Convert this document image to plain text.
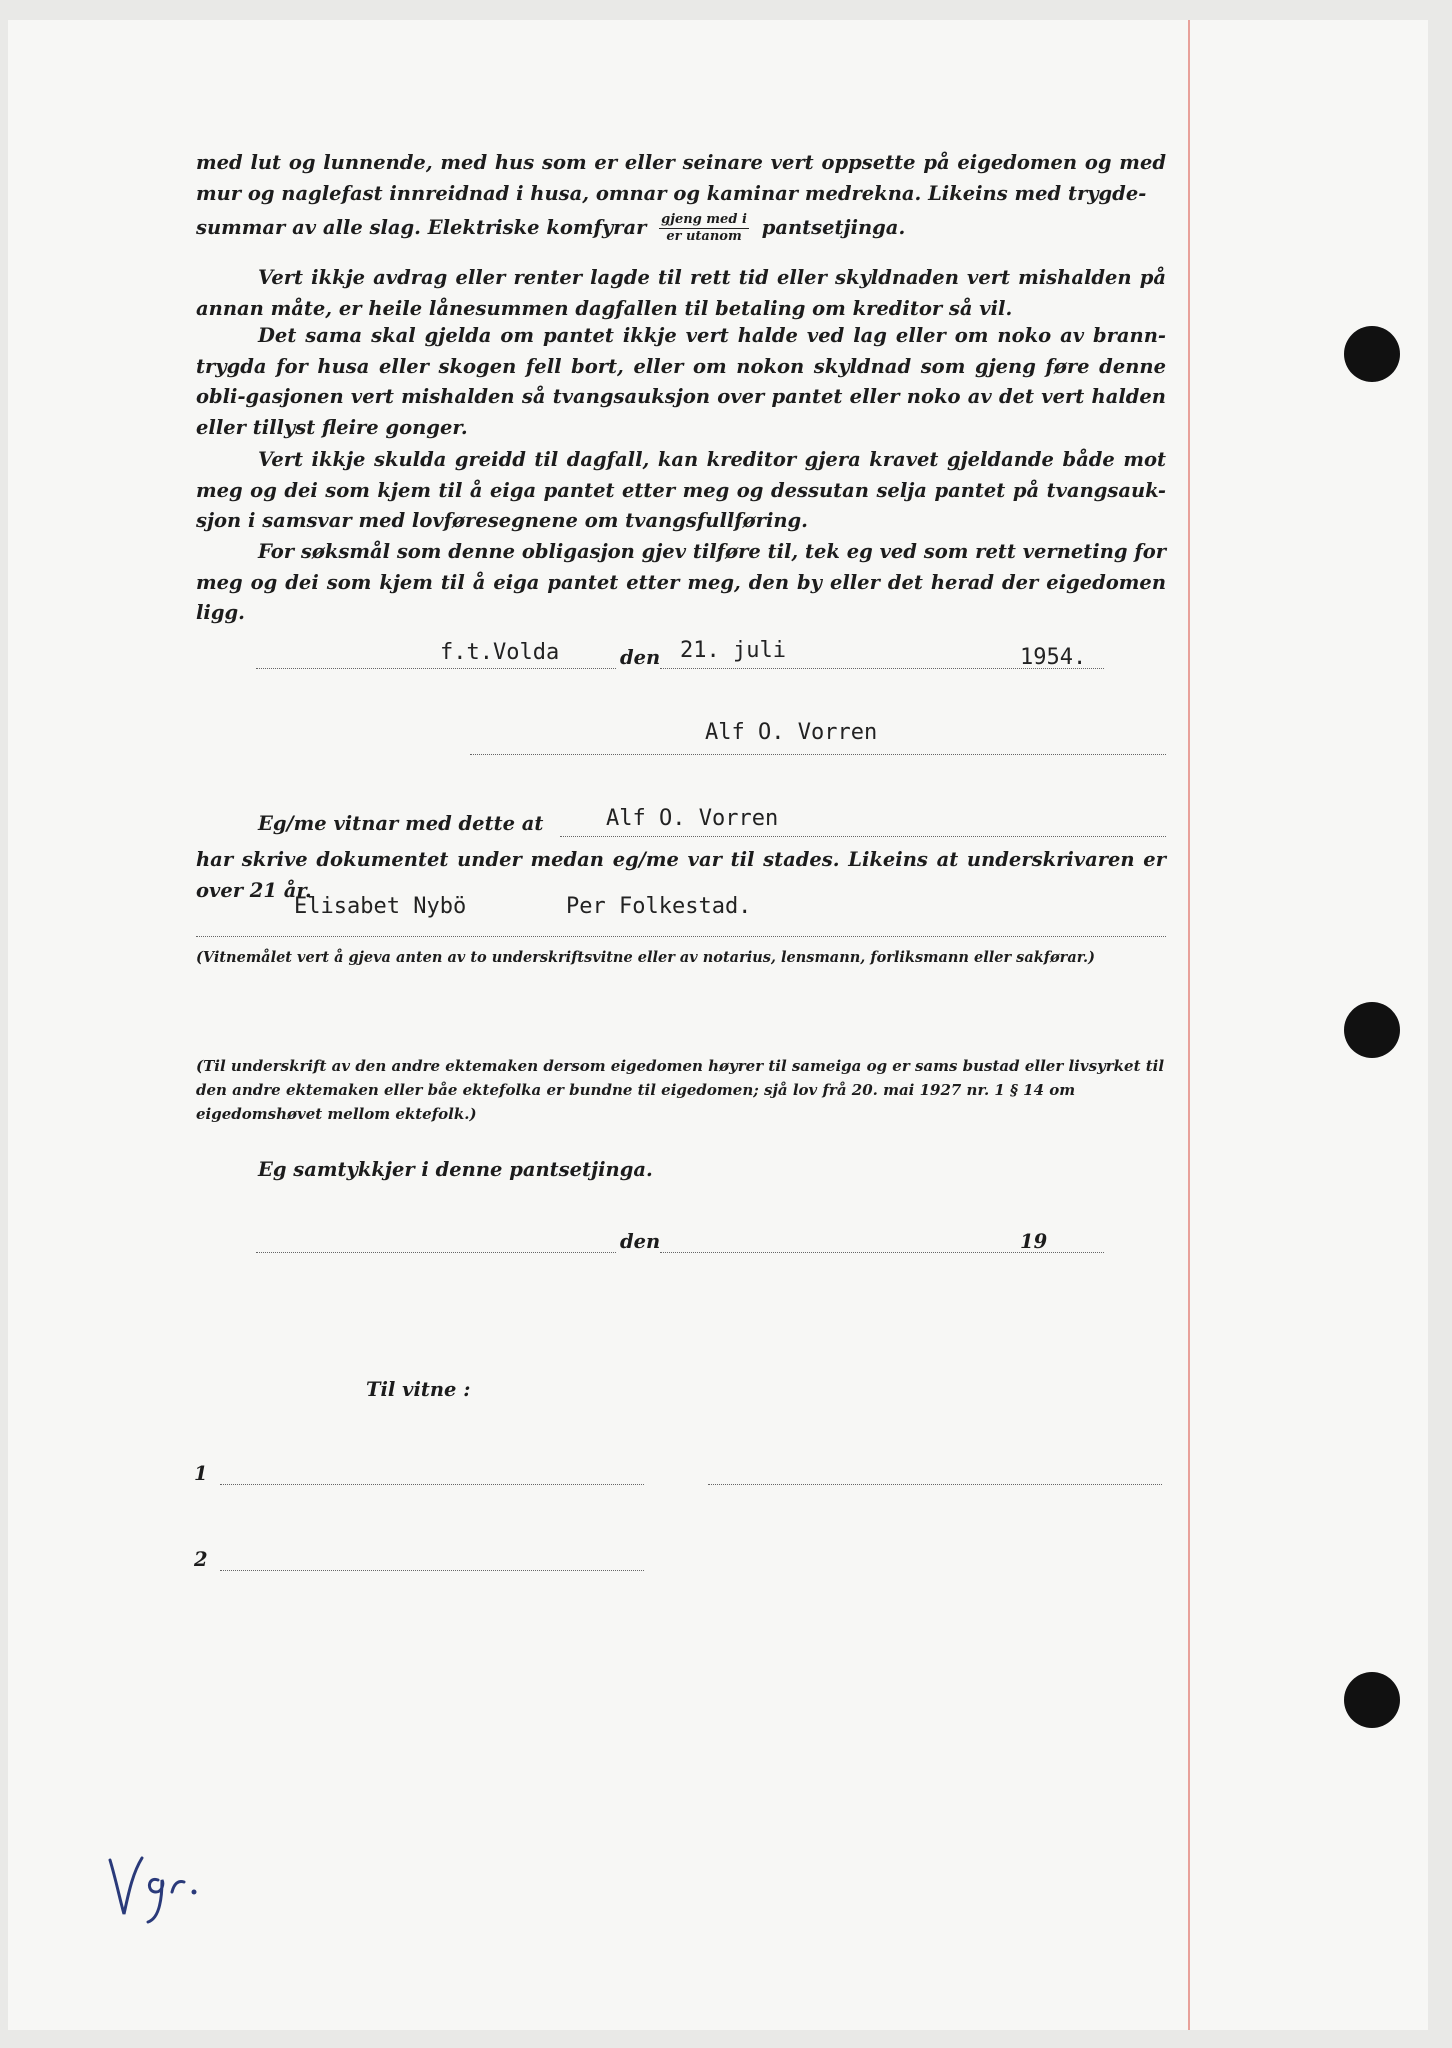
med lut og lunnende, med hus som er eller seinare vert oppsette på eigedomen og med mur og naglefast innreidnad i husa, omnar og kaminar medrekna. Likeins med trygde-
summar av alle slag. Elektriske komfyrar $\frac{\text{gjeng med i}}{\text{er utanom}}$ pantsetjinga.
Vert ikkje avdrag eller renter lagde til rett tid eller skyldnaden vert mishalden på annan måte, er heile lånesummen dagfallen til betaling om kreditor så vil.
Det sama skal gjelda om pantet ikkje vert halde ved lag eller om noko av brann-trygda for husa eller skogen fell bort, eller om nokon skyldnad som gjeng føre denne obli-gasjonen vert mishalden så tvangsauksjon over pantet eller noko av det vert halden eller tillyst fleire gonger.
Vert ikkje skulda greidd til dagfall, kan kreditor gjera kravet gjeldande både mot meg og dei som kjem til å eiga pantet etter meg og dessutan selja pantet på tvangsauk-sjon i samsvar med lovføresegnene om tvangsfullføring.
For søksmål som denne obligasjon gjev tilføre til, tek eg ved som rett verneting for meg og dei som kjem til å eiga pantet etter meg, den by eller det herad der eigedomen ligg.
f.t.Volda	den 21. juli	1954.
Alf O. Vorren
Eg/me vitnar med dette at	Alf O. Vorren
har skrive dokumentet under medan eg/me var til stades. Likeins at underskrivaren er over 21 år.
Elisabet Nybö	Per Folkestad.
(Vitnemålet vert å gjeva anten av to underskriftsvitne eller av notarius, lensmann, forliksmann eller sakførar.)
(Til underskrift av den andre ektemaken dersom eigedomen høyrer til sameiga og er sams bustad eller livsyrket til den andre ektemaken eller båe ektefolka er bundne til eigedomen; sjå lov frå 20. mai 1927 nr. 1 § 14 om eigedomshøvet mellom ektefolk.)
Eg samtykkjer i denne pantsetjinga.
den	19
Til vitne :
1
2
